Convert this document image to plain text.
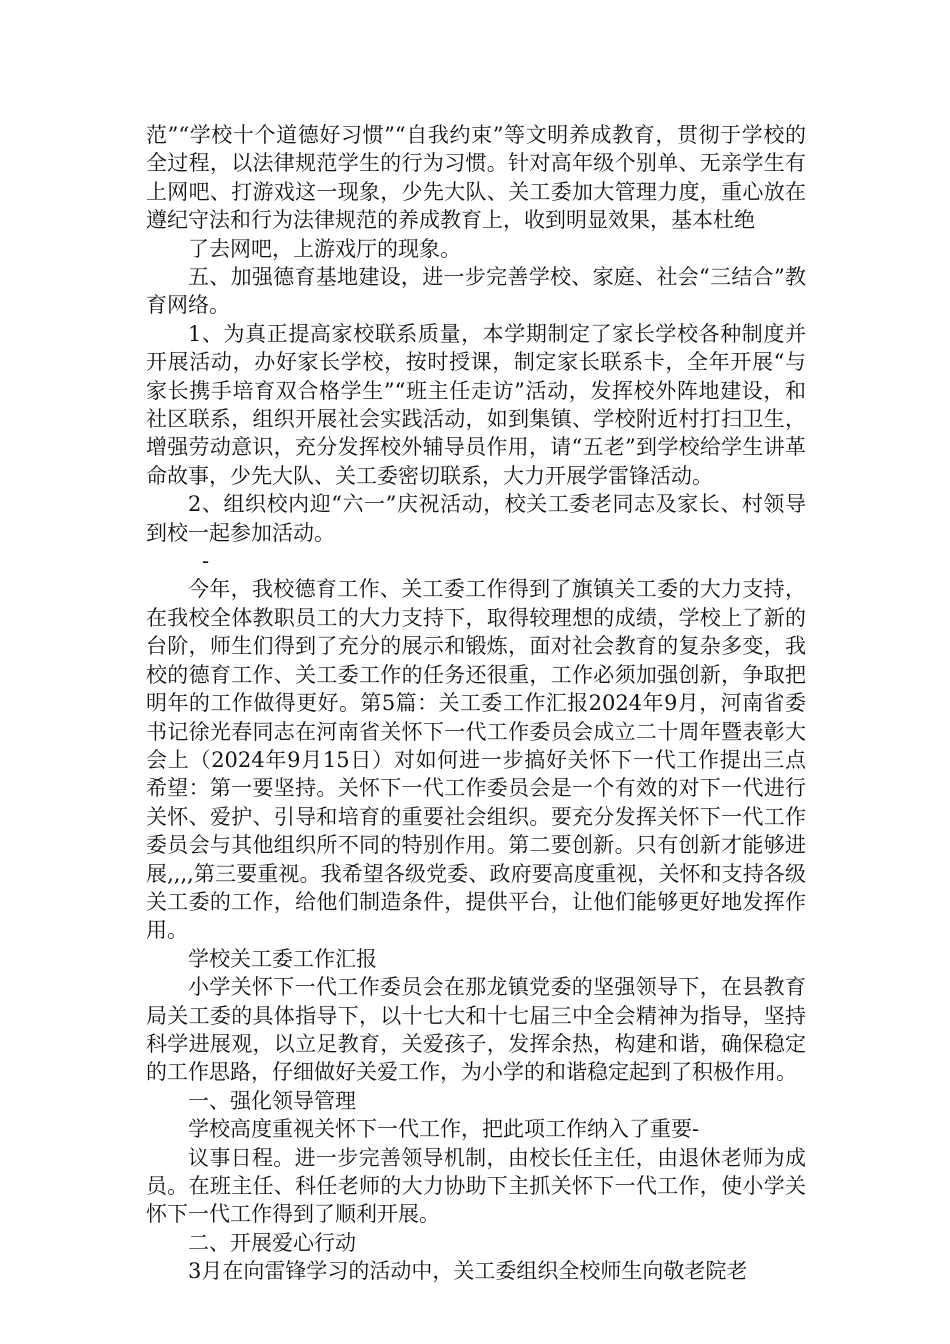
范”“学校十个道德好习惯”“自我约束”等文明养成教育，贯彻于学校的全过程，以法律规范学生的行为习惯。针对高年级个别单、无亲学生有上网吧、打游戏这一现象，少先大队、关工委加大管理力度，重心放在遵纪守法和行为法律规范的养成教育上，收到明显效果，基本杜绝

了去网吧，上游戏厅的现象。

五、加强德育基地建设，进一步完善学校、家庭、社会“三结合”教育网络。

1、为真正提高家校联系质量，本学期制定了家长学校各种制度并开展活动，办好家长学校，按时授课，制定家长联系卡，全年开展“与家长携手培育双合格学生”“班主任走访”活动，发挥校外阵地建设，和社区联系，组织开展社会实践活动，如到集镇、学校附近村打扫卫生，增强劳动意识，充分发挥校外辅导员作用，请“五老”到学校给学生讲革命故事，少先大队、关工委密切联系，大力开展学雷锋活动。

2、组织校内迎“六一”庆祝活动，校关工委老同志及家长、村领导到校一起参加活动。

-

今年，我校德育工作、关工委工作得到了旗镇关工委的大力支持，在我校全体教职员工的大力支持下，取得较理想的成绩，学校上了新的台阶，师生们得到了充分的展示和锻炼，面对社会教育的复杂多变，我校的德育工作、关工委工作的任务还很重，工作必须加强创新，争取把明年的工作做得更好。第5篇：关工委工作汇报2024年9月，河南省委书记徐光春同志在河南省关怀下一代工作委员会成立二十周年暨表彰大会上（2024年9月15日）对如何进一步搞好关怀下一代工作提出三点希望：第一要坚持。关怀下一代工作委员会是一个有效的对下一代进行关怀、爱护、引导和培育的重要社会组织。要充分发挥关怀下一代工作委员会与其他组织所不同的特别作用。第二要创新。只有创新才能够进展,,,,第三要重视。我希望各级党委、政府要高度重视，关怀和支持各级关工委的工作，给他们制造条件，提供平台，让他们能够更好地发挥作用。

学校关工委工作汇报

小学关怀下一代工作委员会在那龙镇党委的坚强领导下，在县教育局关工委的具体指导下，以十七大和十七届三中全会精神为指导，坚持科学进展观，以立足教育，关爱孩子，发挥余热，构建和谐，确保稳定的工作思路，仔细做好关爱工作，为小学的和谐稳定起到了积极作用。

一、强化领导管理

学校高度重视关怀下一代工作，把此项工作纳入了重要-

议事日程。进一步完善领导机制，由校长任主任，由退休老师为成员。在班主任、科任老师的大力协助下主抓关怀下一代工作，使小学关怀下一代工作得到了顺利开展。

二、开展爱心行动

3月在向雷锋学习的活动中，关工委组织全校师生向敬老院老
